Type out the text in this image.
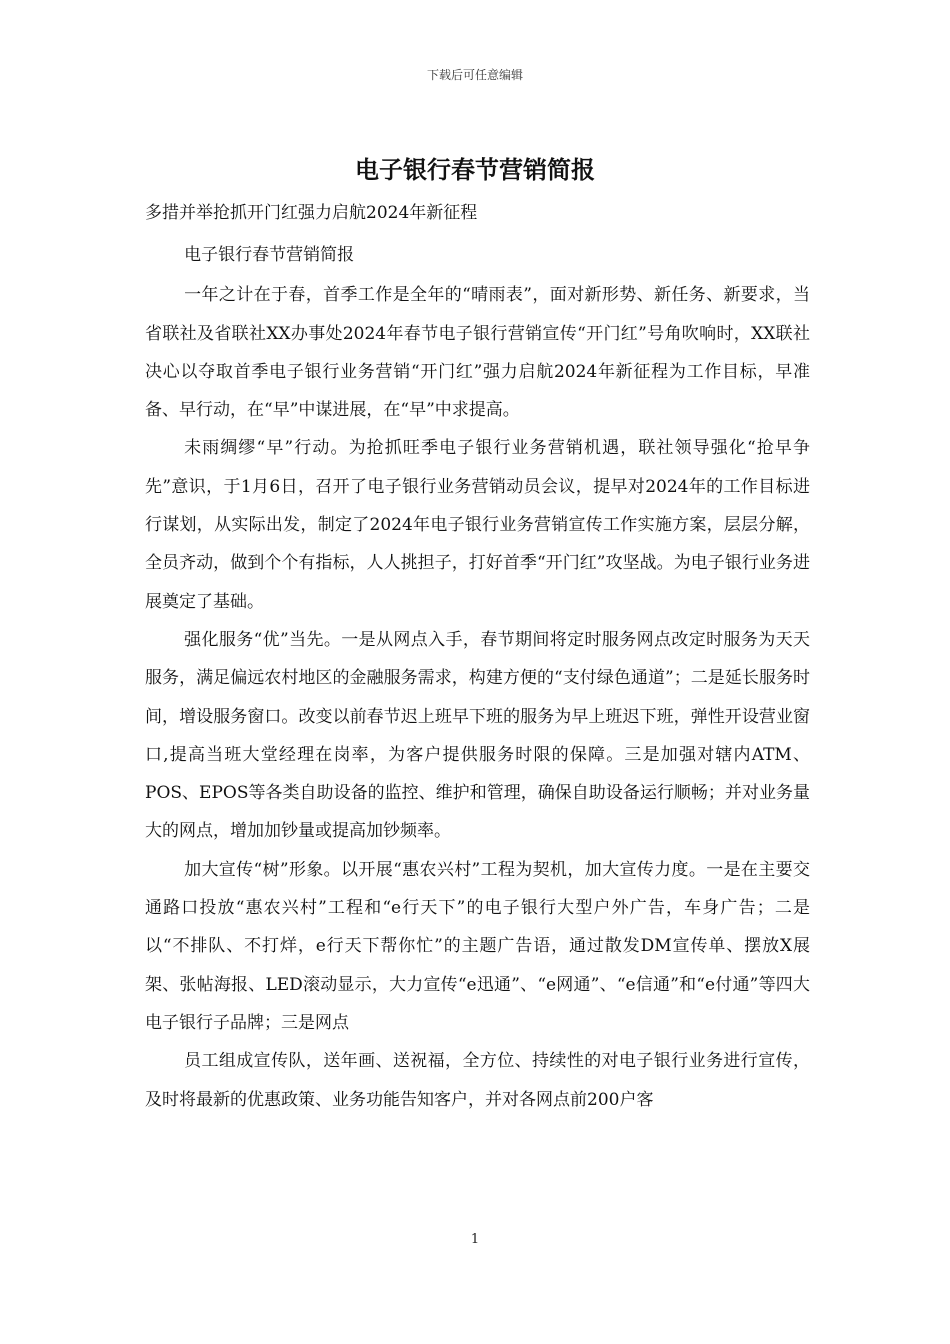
下载后可任意编辑
电子银行春节营销简报

多措并举抢抓开门红强力启航2024年新征程

电子银行春节营销简报

一年之计在于春，首季工作是全年的“晴雨表”，面对新形势、新任务、新要求，当省联社及省联社XX办事处2024年春节电子银行营销宣传“开门红”号角吹响时，XX联社决心以夺取首季电子银行业务营销“开门红”强力启航2024年新征程为工作目标，早准备、早行动，在“早”中谋进展，在“早”中求提高。

未雨绸缪“早”行动。为抢抓旺季电子银行业务营销机遇，联社领导强化“抢早争先”意识，于1月6日，召开了电子银行业务营销动员会议，提早对2024年的工作目标进行谋划，从实际出发，制定了2024年电子银行业务营销宣传工作实施方案，层层分解，全员齐动，做到个个有指标，人人挑担子，打好首季“开门红”攻坚战。为电子银行业务进展奠定了基础。

强化服务“优”当先。一是从网点入手，春节期间将定时服务网点改定时服务为天天服务，满足偏远农村地区的金融服务需求，构建方便的“支付绿色通道”；二是延长服务时间，增设服务窗口。改变以前春节迟上班早下班的服务为早上班迟下班，弹性开设营业窗口,提高当班大堂经理在岗率，为客户提供服务时限的保障。三是加强对辖内ATM、POS、EPOS等各类自助设备的监控、维护和管理，确保自助设备运行顺畅；并对业务量大的网点，增加加钞量或提高加钞频率。

加大宣传“树”形象。以开展“惠农兴村”工程为契机，加大宣传力度。一是在主要交通路口投放“惠农兴村”工程和“e行天下”的电子银行大型户外广告，车身广告；二是以“不排队、不打烊，e行天下帮你忙”的主题广告语，通过散发DM宣传单、摆放X展架、张帖海报、LED滚动显示，大力宣传“e迅通”、“e网通”、“e信通”和“e付通”等四大电子银行子品牌；三是网点

员工组成宣传队，送年画、送祝福，全方位、持续性的对电子银行业务进行宣传，及时将最新的优惠政策、业务功能告知客户，并对各网点前200户客

1
